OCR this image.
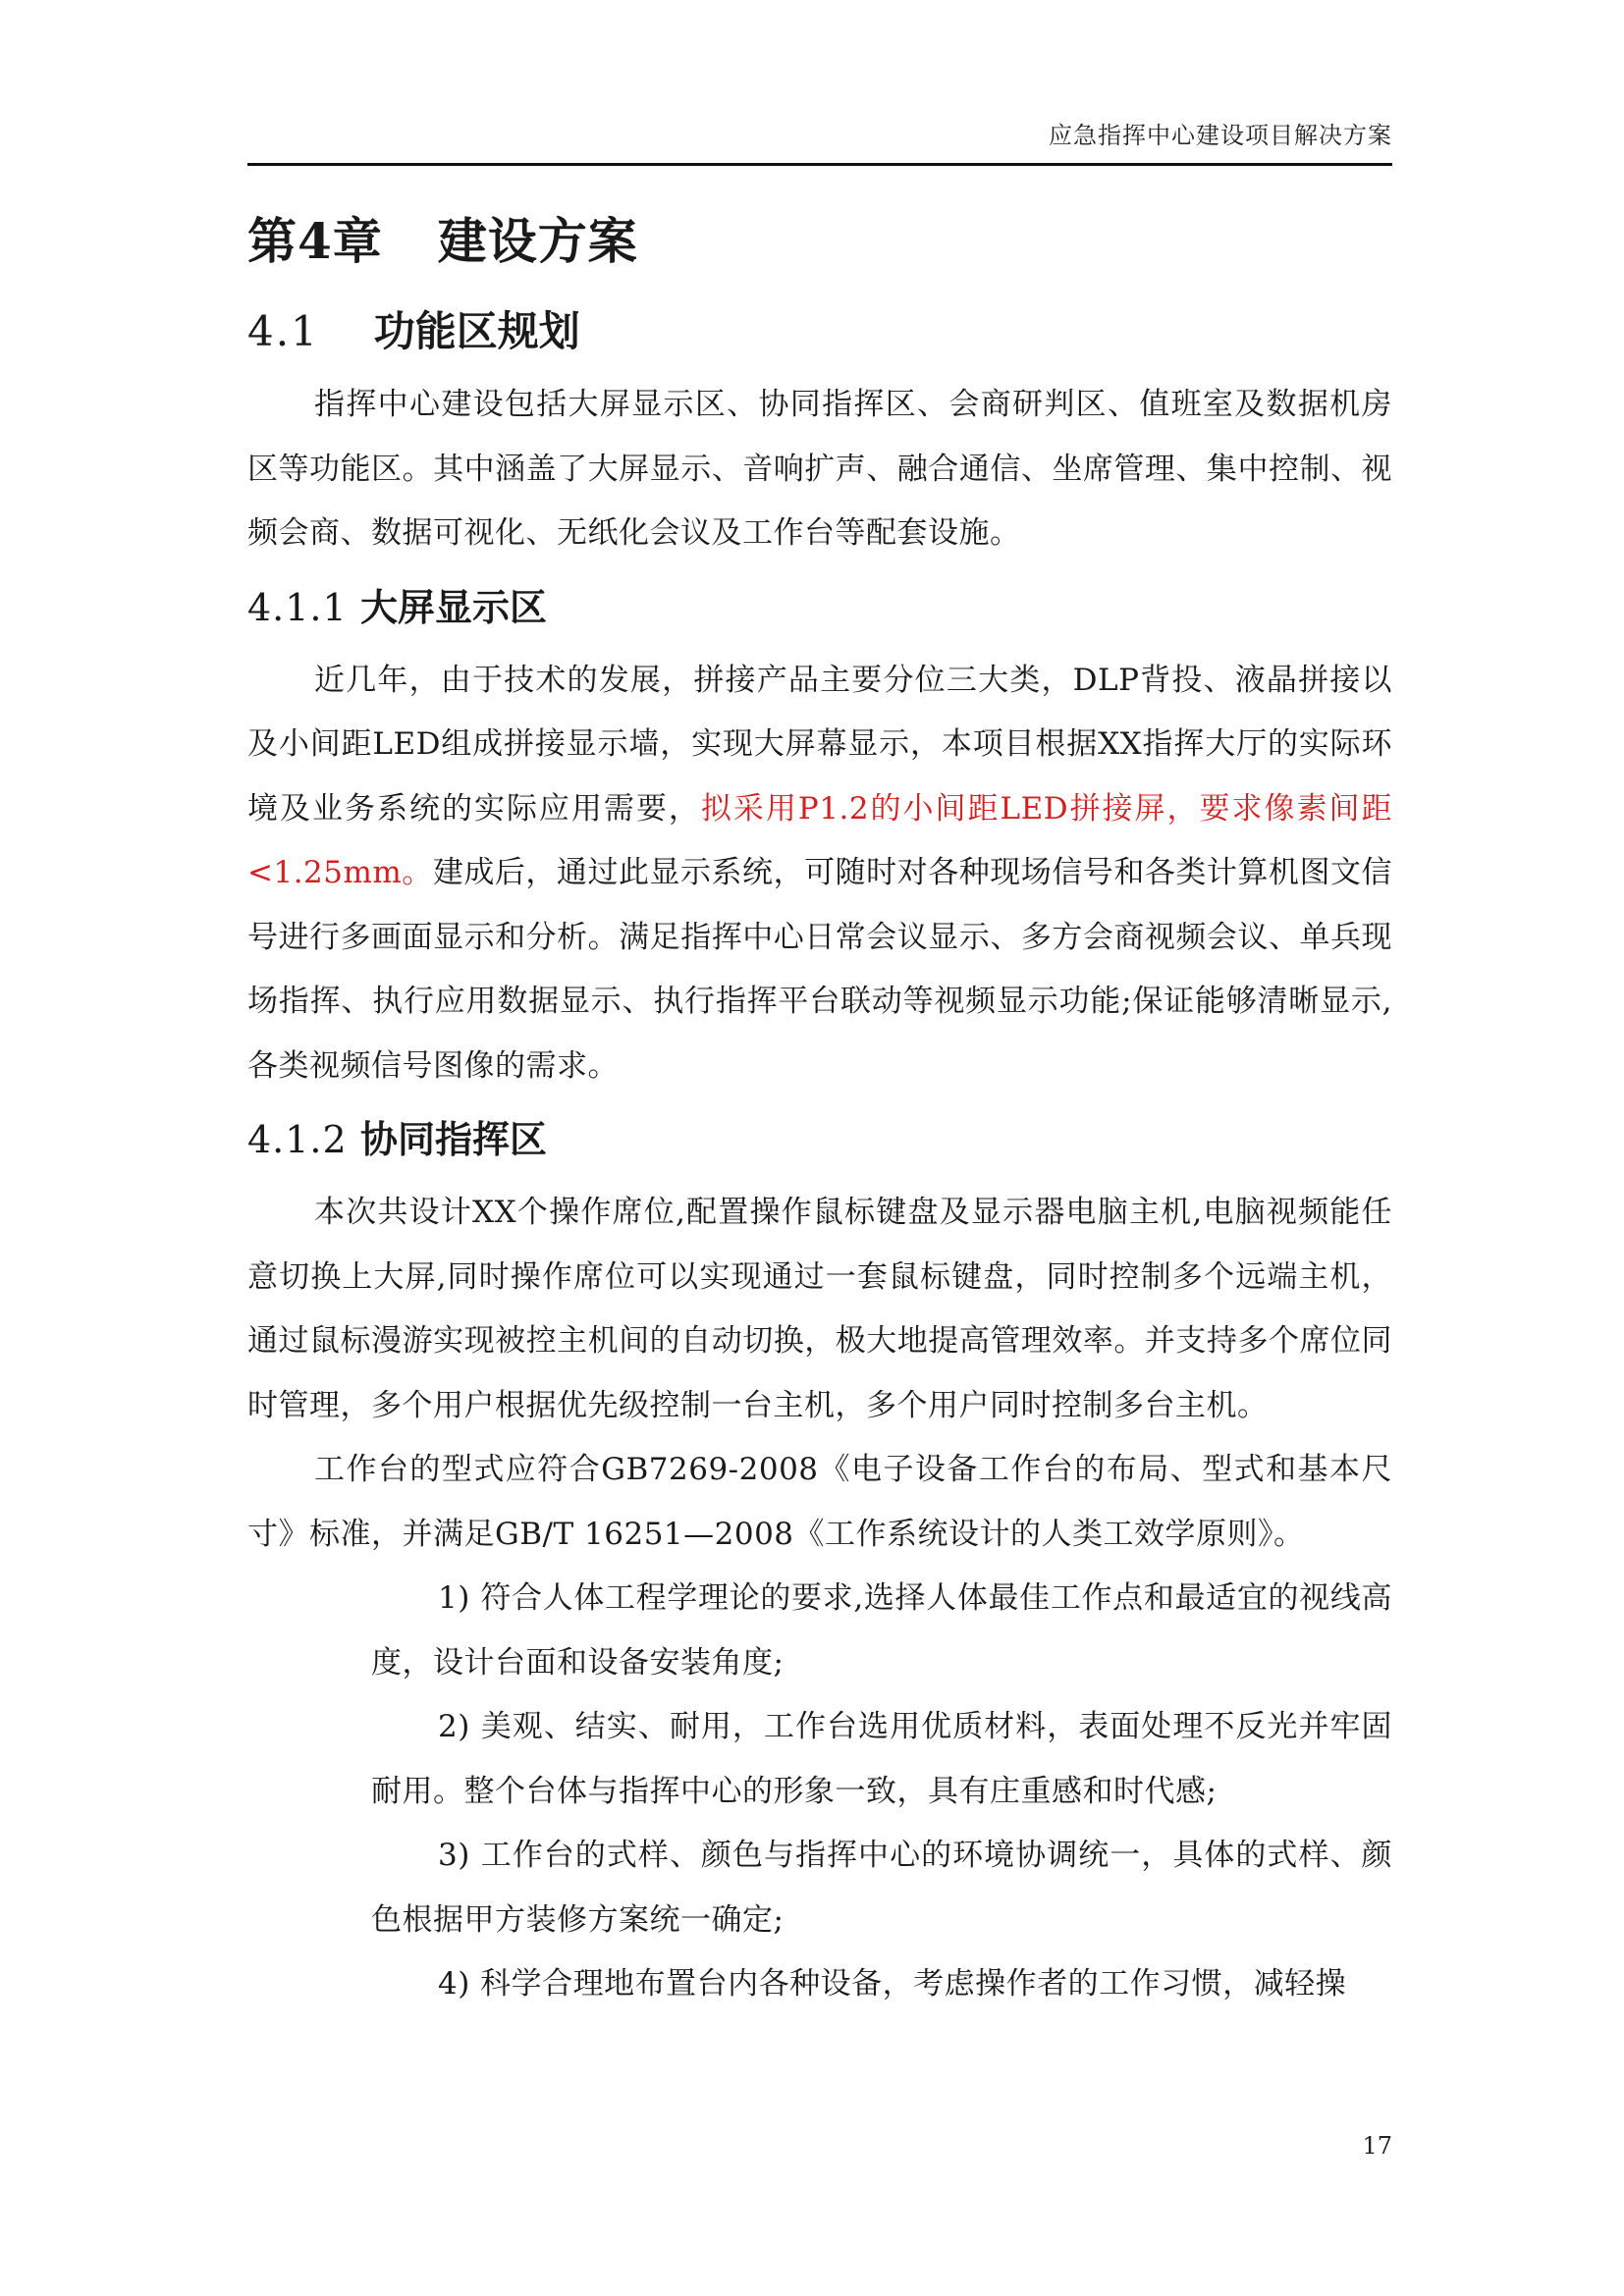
应急指挥中心建设项目解决方案
第4章 建设方案
4.1 功能区规划

指挥中心建设包括大屏显示区、协同指挥区、会商研判区、值班室及数据机房区等功能区。其中涵盖了大屏显示、音响扩声、融合通信、坐席管理、集中控制、视频会商、数据可视化、无纸化会议及工作台等配套设施。

4.1.1 大屏显示区

近几年，由于技术的发展，拼接产品主要分位三大类，DLP背投、液晶拼接以及小间距LED组成拼接显示墙，实现大屏幕显示，本项目根据XX指挥大厅的实际环境及业务系统的实际应用需要，拟采用P1.2的小间距LED拼接屏，要求像素间距<1.25mm。建成后，通过此显示系统，可随时对各种现场信号和各类计算机图文信号进行多画面显示和分析。满足指挥中心日常会议显示、多方会商视频会议、单兵现场指挥、执行应用数据显示、执行指挥平台联动等视频显示功能;保证能够清晰显示,各类视频信号图像的需求。

4.1.2 协同指挥区

本次共设计XX个操作席位,配置操作鼠标键盘及显示器电脑主机,电脑视频能任意切换上大屏,同时操作席位可以实现通过一套鼠标键盘，同时控制多个远端主机，通过鼠标漫游实现被控主机间的自动切换，极大地提高管理效率。并支持多个席位同时管理，多个用户根据优先级控制一台主机，多个用户同时控制多台主机。

工作台的型式应符合GB7269-2008《电子设备工作台的布局、型式和基本尺寸》标准，并满足GB/T 16251—2008《工作系统设计的人类工效学原则》。

1) 符合人体工程学理论的要求,选择人体最佳工作点和最适宜的视线高度，设计台面和设备安装角度;

2) 美观、结实、耐用，工作台选用优质材料，表面处理不反光并牢固耐用。整个台体与指挥中心的形象一致，具有庄重感和时代感;

3) 工作台的式样、颜色与指挥中心的环境协调统一，具体的式样、颜色根据甲方装修方案统一确定;

4) 科学合理地布置台内各种设备，考虑操作者的工作习惯，减轻操

17
